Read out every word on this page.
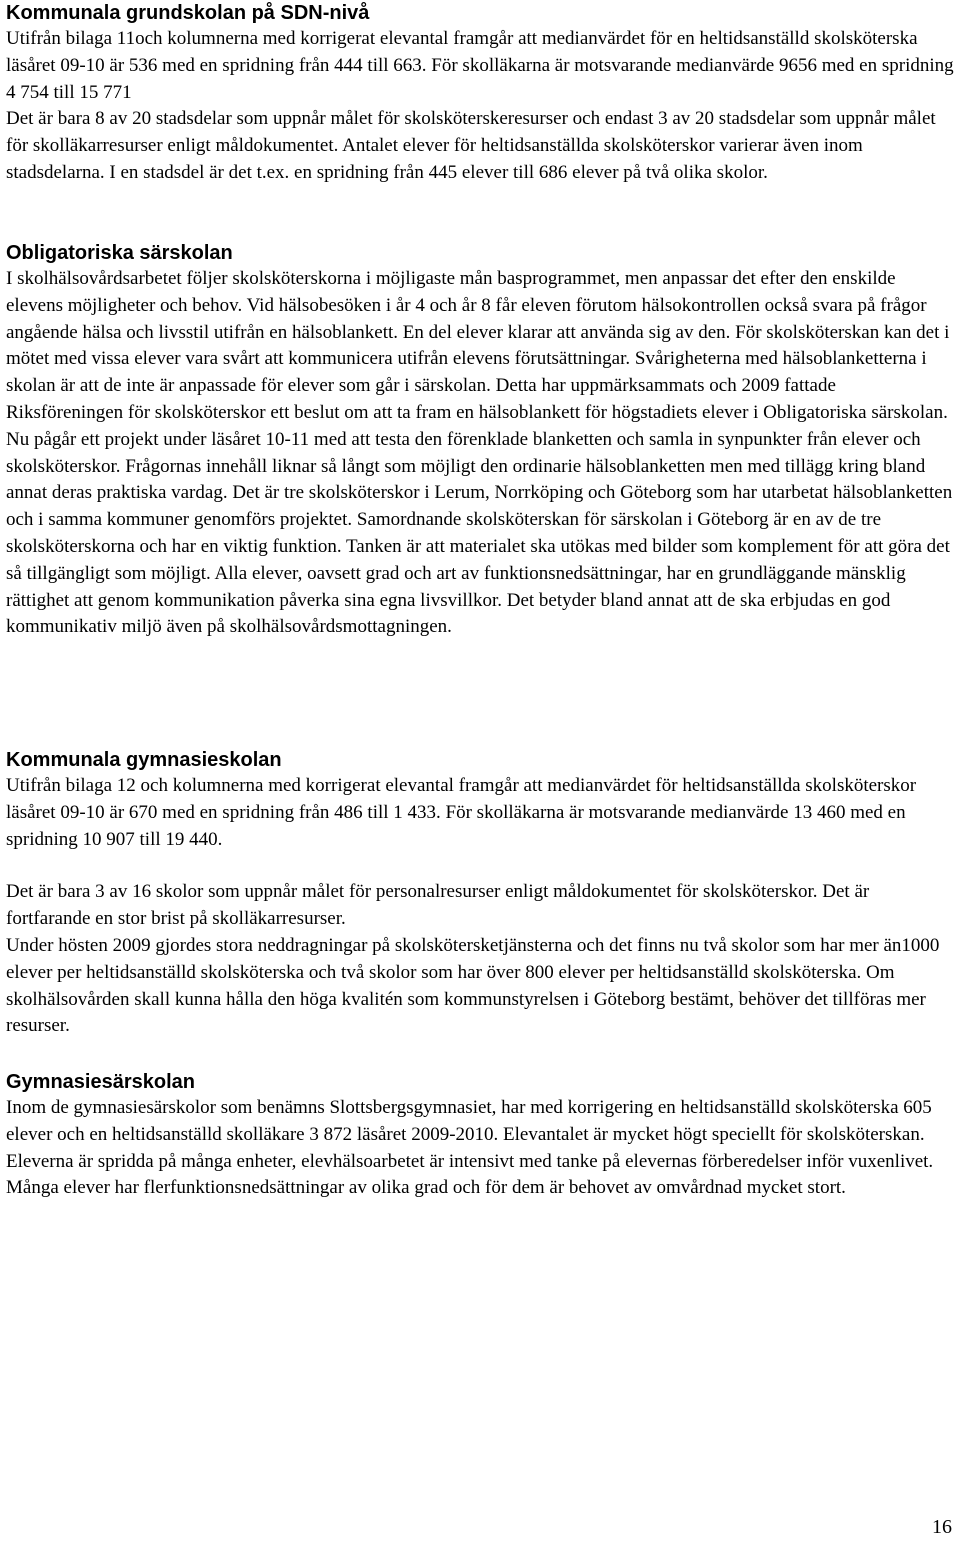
Kommunala grundskolan på SDN-nivå

Utifrån bilaga 11och kolumnerna med korrigerat elevantal framgår att medianvärdet för en heltidsanställd skolsköterska läsåret 09-10 är 536 med en spridning från 444 till 663. För skolläkarna är motsvarande medianvärde 9656 med en spridning 4 754 till 15 771

Det är bara 8 av 20 stadsdelar som uppnår målet för skolsköterskeresurser och endast 3 av 20 stadsdelar som uppnår målet för skolläkarresurser enligt måldokumentet. Antalet elever för heltidsanställda skolsköterskor varierar även inom stadsdelarna. I en stadsdel är det t.ex. en spridning från 445 elever till 686 elever på två olika skolor.

Obligatoriska särskolan

I skolhälsovårdsarbetet följer skolsköterskorna i möjligaste mån basprogrammet, men anpassar det efter den enskilde elevens möjligheter och behov. Vid hälsobesöken i år 4 och år 8 får eleven förutom hälsokontrollen också svara på frågor angående hälsa och livsstil utifrån en hälsoblankett. En del elever klarar att använda sig av den. För skolsköterskan kan det i mötet med vissa elever vara svårt att kommunicera utifrån elevens förutsättningar. Svårigheterna med hälsoblanketterna i skolan är att de inte är anpassade för elever som går i särskolan. Detta har uppmärksammats och 2009 fattade Riksföreningen för skolsköterskor ett beslut om att ta fram en hälsoblankett för högstadiets elever i Obligatoriska särskolan. Nu pågår ett projekt under läsåret 10-11 med att testa den förenklade blanketten och samla in synpunkter från elever och skolsköterskor. Frågornas innehåll liknar så långt som möjligt den ordinarie hälsoblanketten men med tillägg kring bland annat deras praktiska vardag. Det är tre skolsköterskor i Lerum, Norrköping och Göteborg som har utarbetat hälsoblanketten och i samma kommuner genomförs projektet. Samordnande skolsköterskan för särskolan i Göteborg är en av de tre skolsköterskorna och har en viktig funktion. Tanken är att materialet ska utökas med bilder som komplement för att göra det så tillgängligt som möjligt. Alla elever, oavsett grad och art av funktionsnedsättningar, har en grundläggande mänsklig rättighet att genom kommunikation påverka sina egna livsvillkor. Det betyder bland annat att de ska erbjudas en god kommunikativ miljö även på skolhälsovårdsmottagningen.

Kommunala gymnasieskolan

Utifrån bilaga 12 och kolumnerna med korrigerat elevantal framgår att medianvärdet för heltidsanställda skolsköterskor läsåret 09-10 är 670 med en spridning från 486 till 1 433. För skolläkarna är motsvarande medianvärde 13 460 med en spridning 10 907 till 19 440.

Det är bara 3 av 16 skolor som uppnår målet för personalresurser enligt måldokumentet för skolsköterskor. Det är fortfarande en stor brist på skolläkarresurser.

Under hösten 2009 gjordes stora neddragningar på skolskötersketjänsterna och det finns nu två skolor som har mer än1000 elever per heltidsanställd skolsköterska och två skolor som har över 800 elever per heltidsanställd skolsköterska. Om skolhälsovården skall kunna hålla den höga kvalitén som kommunstyrelsen i Göteborg bestämt, behöver det tillföras mer resurser.

Gymnasiesärskolan

Inom de gymnasiesärskolor som benämns Slottsbergsgymnasiet, har med korrigering en heltidsanställd skolsköterska 605 elever och en heltidsanställd skolläkare 3 872 läsåret 2009-2010. Elevantalet är mycket högt speciellt för skolsköterskan. Eleverna är spridda på många enheter, elevhälsoarbetet är intensivt med tanke på elevernas förberedelser inför vuxenlivet. Många elever har flerfunktionsnedsättningar av olika grad och för dem är behovet av omvårdnad mycket stort.

16
